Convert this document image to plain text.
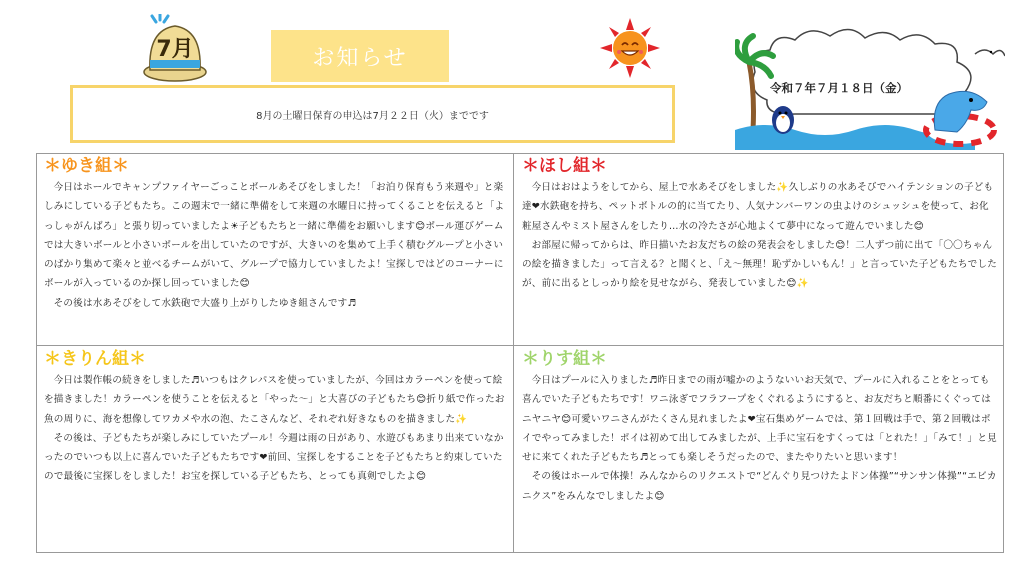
7月	お知らせ
8月の土曜日保育の申込は7月２２日（火）までです
令和７年７月１８日（金）
＊ゆき組＊

今日はホールでキャンプファイヤーごっことボールあそびをしました！「お泊り保育もう来週や」と楽しみにしている子どもたち。この週末で一緒に準備をして来週の水曜日に持ってくることを伝えると「よっしゃがんばろ」と張り切っていましたよ☀子どもたちと一緒に準備をお願いします😊ボール運びゲームでは大きいボールと小さいボールを出していたのですが、大きいのを集めて上手く積むグループと小さいのばかり集めて楽々と並べるチームがいて、グループで協力していましたよ！宝探しではどのコーナーにボールが入っているのか探し回っていました😊

その後は水あそびをして水鉄砲で大盛り上がりしたゆき組さんです♬

＊ほし組＊

今日はおはようをしてから、屋上で水あそびをしました✨久しぶりの水あそびでハイテンションの子ども達❤水鉄砲を持ち、ペットボトルの的に当てたり、人気ナンバーワンの虫よけのシュッシュを使って、お化粧屋さんやミスト屋さんをしたり…水の冷たさが心地よくて夢中になって遊んでいました😊

お部屋に帰ってからは、昨日描いたお友だちの絵の発表会をしました😊！二人ずつ前に出て「〇〇ちゃんの絵を描きました」って言える？と聞くと、「え～無理！恥ずかしいもん！」と言っていた子どもたちでしたが、前に出るとしっかり絵を見せながら、発表していました😊✨

＊きりん組＊

今日は製作帳の続きをしました♬いつもはクレパスを使っていましたが、今回はカラーペンを使って絵を描きました！カラーペンを使うことを伝えると「やった～」と大喜びの子どもたち😊折り紙で作ったお魚の周りに、海を想像してワカメや水の泡、たこさんなど、それぞれ好きなものを描きました✨

その後は、子どもたちが楽しみにしていたプール！今週は雨の日があり、水遊びもあまり出来ていなかったのでいつも以上に喜んでいた子どもたちです❤前回、宝探しをすることを子どもたちと約束していたので最後に宝探しをしました！お宝を探している子どもたち、とっても真剣でしたよ😊

＊りす組＊

今日はプールに入りました♬昨日までの雨が嘘かのようないいお天気で、プールに入れることをとっても喜んでいた子どもたちです！ワニ泳ぎでフラフープをくぐれるようにすると、お友だちと順番にくぐってはニヤニヤ😊可愛いワニさんがたくさん見れましたよ❤宝石集めゲームでは、第１回戦は手で、第２回戦はポイでやってみました！ポイは初めて出してみましたが、上手に宝石をすくっては「とれた！」「みて！」と見せに来てくれた子どもたち♬とっても楽しそうだったので、またやりたいと思います！

その後はホールで体操！みんなからのリクエストで“どんぐり見つけたよドン体操”“サンサン体操”“エビカニクス”をみんなでしましたよ😊
